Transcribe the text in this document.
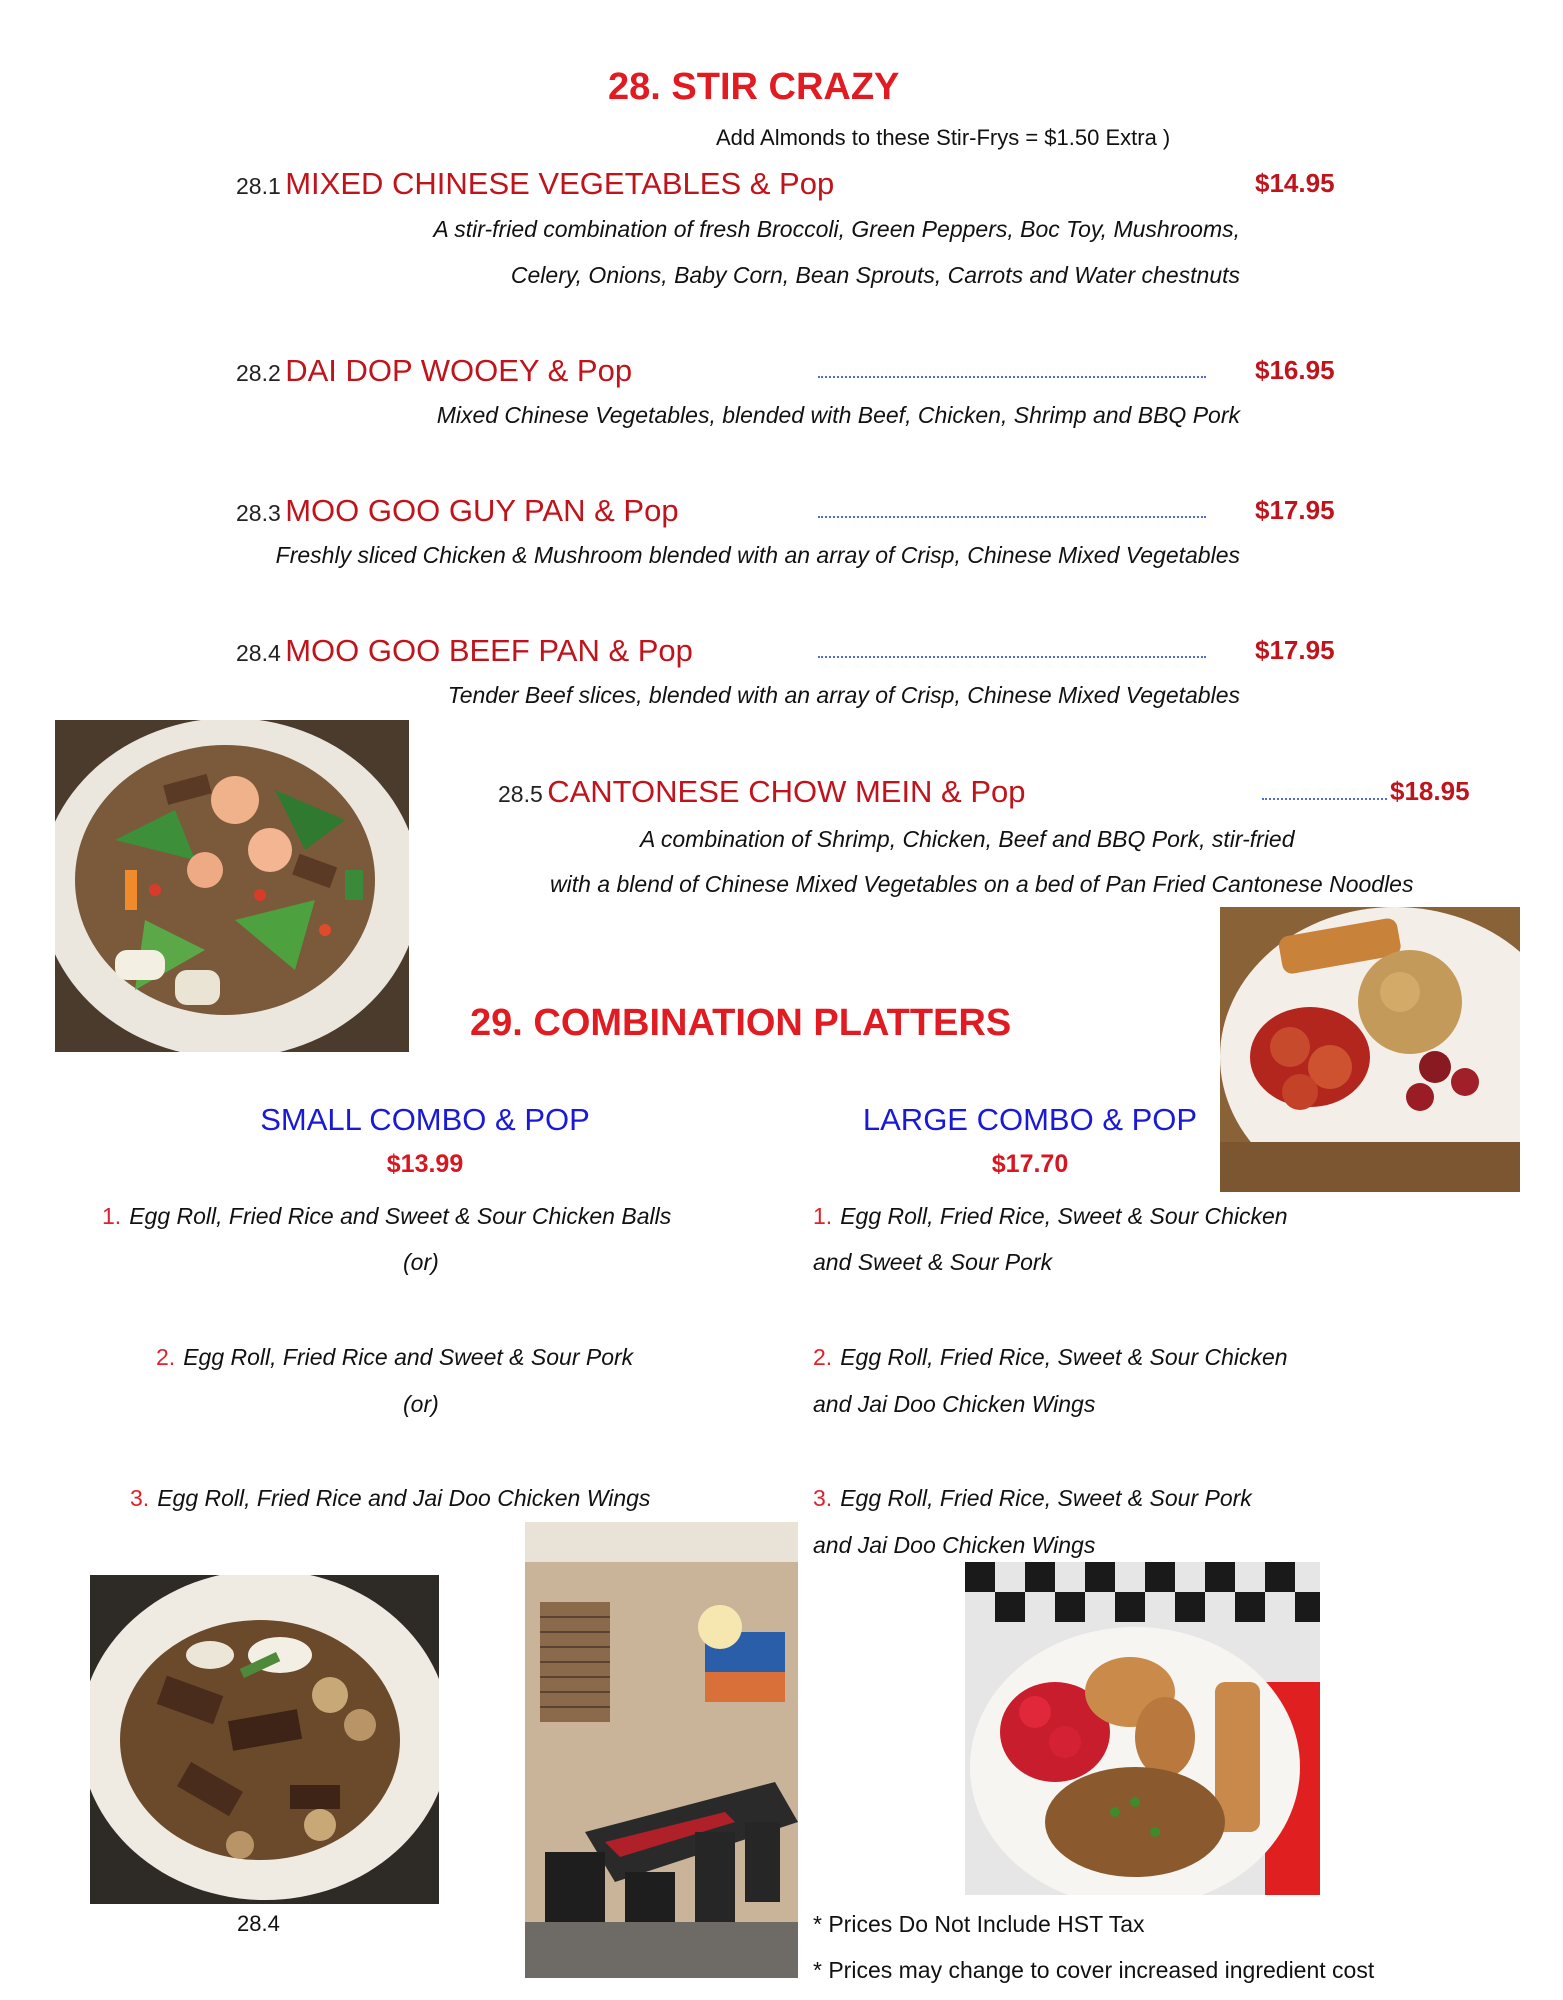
28. STIR CRAZY
Add Almonds to these Stir-Frys = $1.50 Extra )
28.1 MIXED CHINESE VEGETABLES & Pop	$14.95
A stir-fried combination of fresh Broccoli, Green Peppers, Boc Toy, Mushrooms,
Celery, Onions, Baby Corn, Bean Sprouts, Carrots and Water chestnuts
28.2 DAI DOP WOOEY & Pop	$16.95
Mixed Chinese Vegetables, blended with Beef, Chicken, Shrimp and BBQ Pork
28.3 MOO GOO GUY PAN & Pop	$17.95
Freshly sliced Chicken & Mushroom blended with an array of Crisp, Chinese Mixed Vegetables
28.4 MOO GOO BEEF PAN & Pop	$17.95
Tender Beef slices, blended with an array of Crisp, Chinese Mixed Vegetables
28.5 CANTONESE CHOW MEIN & Pop	$18.95
A combination of Shrimp, Chicken, Beef and BBQ Pork, stir-fried
with a blend of Chinese Mixed Vegetables on a bed of Pan Fried Cantonese Noodles
29. COMBINATION PLATTERS
SMALL COMBO & POP
$13.99
1. Egg Roll, Fried Rice and Sweet & Sour Chicken Balls
(or)
2. Egg Roll, Fried Rice and Sweet & Sour Pork
(or)
3. Egg Roll, Fried Rice and Jai Doo Chicken Wings
LARGE COMBO & POP
$17.70
1. Egg Roll, Fried Rice, Sweet & Sour Chicken
and Sweet & Sour Pork
2. Egg Roll, Fried Rice, Sweet & Sour Chicken
and Jai Doo Chicken Wings
3. Egg Roll, Fried Rice, Sweet & Sour Pork
and Jai Doo Chicken Wings
28.4	* Prices Do Not Include HST Tax
* Prices may change to cover increased ingredient cost
